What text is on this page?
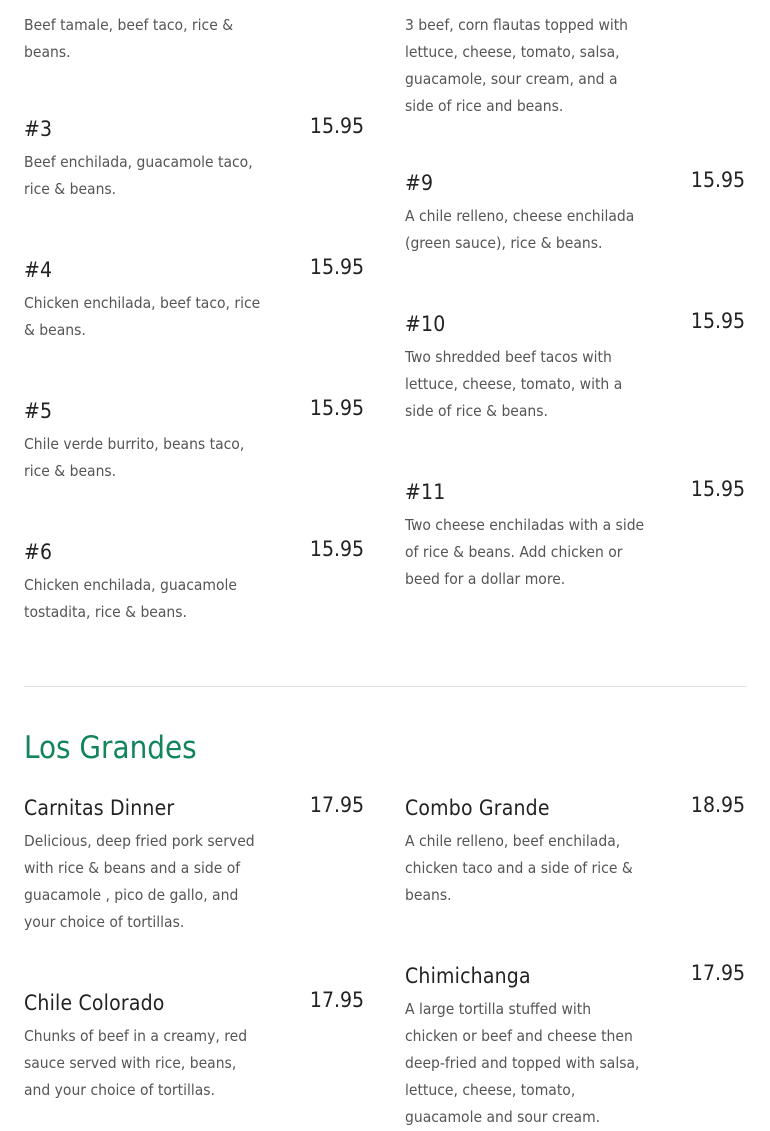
Beef tamale, beef taco, rice & beans.
#3	15.95
Beef enchilada, guacamole taco, rice & beans.
#4	15.95
Chicken enchilada, beef taco, rice & beans.
#5	15.95
Chile verde burrito, beans taco, rice & beans.
#6	15.95
Chicken enchilada, guacamole tostadita, rice & beans.
3 beef, corn flautas topped with lettuce, cheese, tomato, salsa, guacamole, sour cream, and a side of rice and beans.
#9	15.95
A chile relleno, cheese enchilada (green sauce), rice & beans.
#10	15.95
Two shredded beef tacos with lettuce, cheese, tomato, with a side of rice & beans.
#11	15.95
Two cheese enchiladas with a side of rice & beans. Add chicken or beed for a dollar more.
Los Grandes
Carnitas Dinner	17.95
Delicious, deep fried pork served with rice & beans and a side of guacamole , pico de gallo, and your choice of tortillas.
Chile Colorado	17.95
Chunks of beef in a creamy, red sauce served with rice, beans, and your choice of tortillas.
Combo Grande	18.95
A chile relleno, beef enchilada, chicken taco and a side of rice & beans.
Chimichanga	17.95
A large tortilla stuffed with chicken or beef and cheese then deep-fried and topped with salsa, lettuce, cheese, tomato, guacamole and sour cream.
